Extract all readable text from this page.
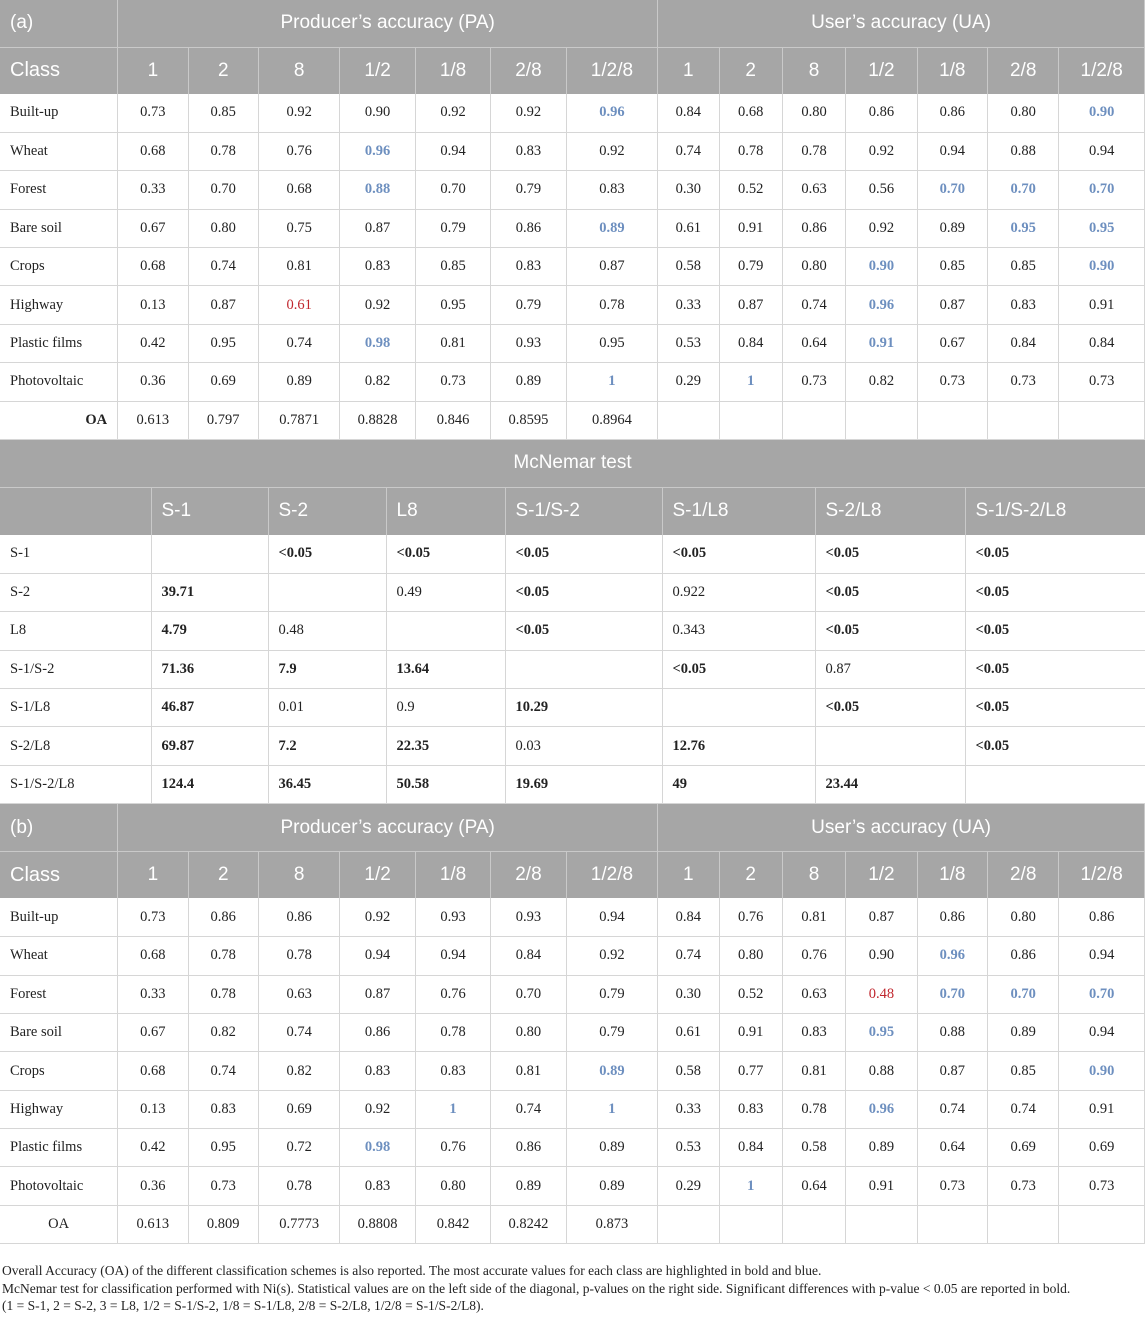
(a)	Producer’s accuracy (PA)							User’s accuracy (UA)						
Class	1	2	8	1/2	1/8	2/8	1/2/8	1	2	8	1/2	1/8	2/8	1/2/8
Built-up	0.73	0.85	0.92	0.90	0.92	0.92	0.96	0.84	0.68	0.80	0.86	0.86	0.80	0.90
Wheat	0.68	0.78	0.76	0.96	0.94	0.83	0.92	0.74	0.78	0.78	0.92	0.94	0.88	0.94
Forest	0.33	0.70	0.68	0.88	0.70	0.79	0.83	0.30	0.52	0.63	0.56	0.70	0.70	0.70
Bare soil	0.67	0.80	0.75	0.87	0.79	0.86	0.89	0.61	0.91	0.86	0.92	0.89	0.95	0.95
Crops	0.68	0.74	0.81	0.83	0.85	0.83	0.87	0.58	0.79	0.80	0.90	0.85	0.85	0.90
Highway	0.13	0.87	0.61	0.92	0.95	0.79	0.78	0.33	0.87	0.74	0.96	0.87	0.83	0.91
Plastic films	0.42	0.95	0.74	0.98	0.81	0.93	0.95	0.53	0.84	0.64	0.91	0.67	0.84	0.84
Photovoltaic	0.36	0.69	0.89	0.82	0.73	0.89	1	0.29	1	0.73	0.82	0.73	0.73	0.73
OA	0.613	0.797	0.7871	0.8828	0.846	0.8595	0.8964							
McNemar test							
	S-1	S-2	L8	S-1/S-2	S-1/L8	S-2/L8	S-1/S-2/L8
S-1		<0.05	<0.05	<0.05	<0.05	<0.05	<0.05
S-2	39.71		0.49	<0.05	0.922	<0.05	<0.05
L8	4.79	0.48		<0.05	0.343	<0.05	<0.05
S-1/S-2	71.36	7.9	13.64		<0.05	0.87	<0.05
S-1/L8	46.87	0.01	0.9	10.29		<0.05	<0.05
S-2/L8	69.87	7.2	22.35	0.03	12.76		<0.05
S-1/S-2/L8	124.4	36.45	50.58	19.69	49	23.44	
(b)	Producer’s accuracy (PA)							User’s accuracy (UA)						
Class	1	2	8	1/2	1/8	2/8	1/2/8	1	2	8	1/2	1/8	2/8	1/2/8
Built-up	0.73	0.86	0.86	0.92	0.93	0.93	0.94	0.84	0.76	0.81	0.87	0.86	0.80	0.86
Wheat	0.68	0.78	0.78	0.94	0.94	0.84	0.92	0.74	0.80	0.76	0.90	0.96	0.86	0.94
Forest	0.33	0.78	0.63	0.87	0.76	0.70	0.79	0.30	0.52	0.63	0.48	0.70	0.70	0.70
Bare soil	0.67	0.82	0.74	0.86	0.78	0.80	0.79	0.61	0.91	0.83	0.95	0.88	0.89	0.94
Crops	0.68	0.74	0.82	0.83	0.83	0.81	0.89	0.58	0.77	0.81	0.88	0.87	0.85	0.90
Highway	0.13	0.83	0.69	0.92	1	0.74	1	0.33	0.83	0.78	0.96	0.74	0.74	0.91
Plastic films	0.42	0.95	0.72	0.98	0.76	0.86	0.89	0.53	0.84	0.58	0.89	0.64	0.69	0.69
Photovoltaic	0.36	0.73	0.78	0.83	0.80	0.89	0.89	0.29	1	0.64	0.91	0.73	0.73	0.73
OA	0.613	0.809	0.7773	0.8808	0.842	0.8242	0.873							

Overall Accuracy (OA) of the different classification schemes is also reported. The most accurate values for each class are highlighted in bold and blue.

McNemar test for classification performed with Ni(s). Statistical values are on the left side of the diagonal, p-values on the right side. Significant differences with p-value < 0.05 are reported in bold.

(1 = S-1, 2 = S-2, 3 = L8, 1/2 = S-1/S-2, 1/8 = S-1/L8, 2/8 = S-2/L8, 1/2/8 = S-1/S-2/L8).
